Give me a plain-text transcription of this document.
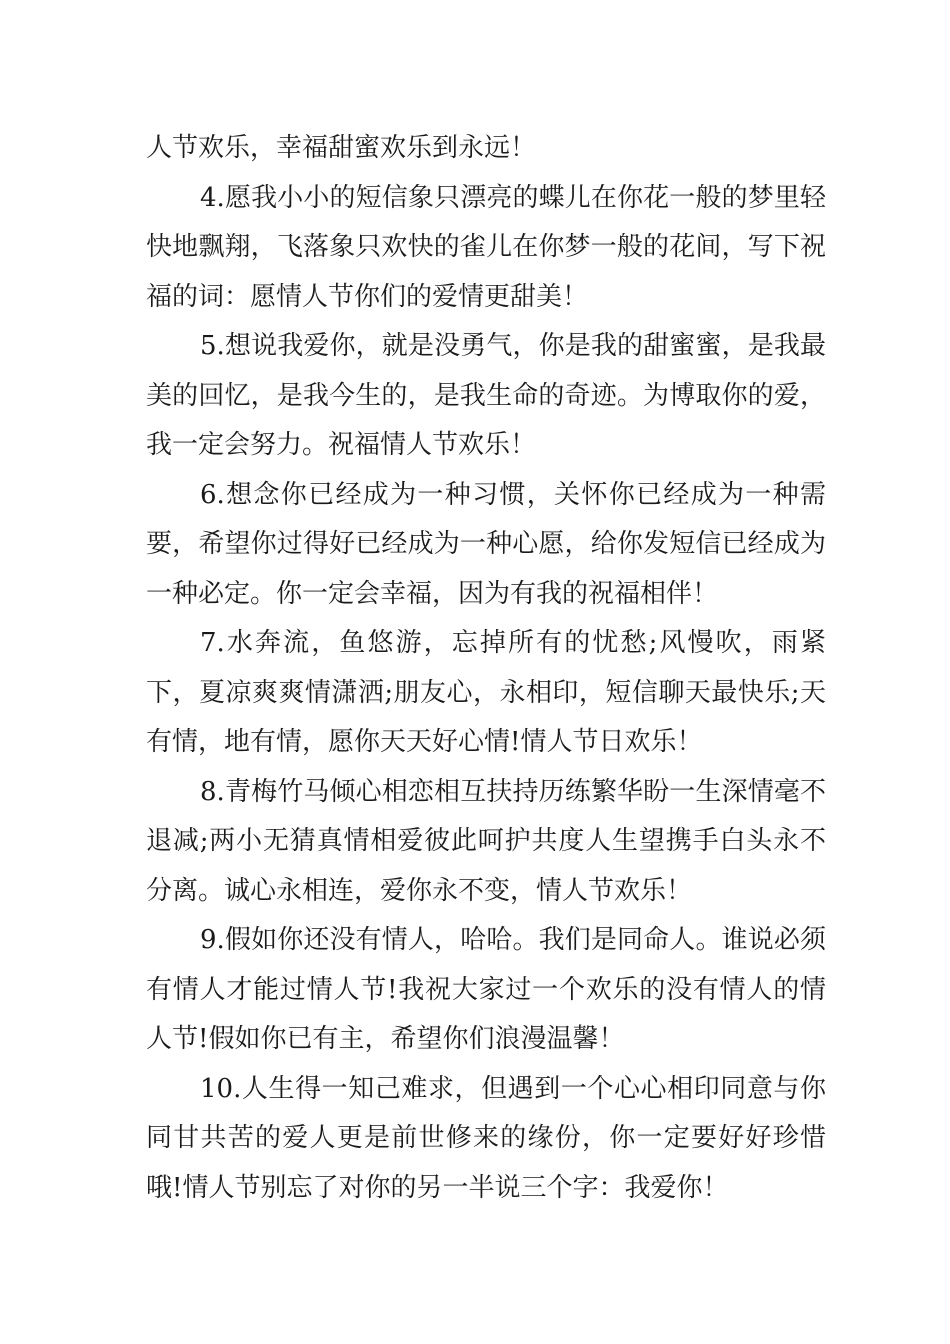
人节欢乐，幸福甜蜜欢乐到永远！

4.愿我小小的短信象只漂亮的蝶儿在你花一般的梦里轻快地飘翔，飞落象只欢快的雀儿在你梦一般的花间，写下祝福的词：愿情人节你们的爱情更甜美！

5.想说我爱你，就是没勇气，你是我的甜蜜蜜，是我最美的回忆，是我今生的，是我生命的奇迹。为博取你的爱，我一定会努力。祝福情人节欢乐！

6.想念你已经成为一种习惯，关怀你已经成为一种需要，希望你过得好已经成为一种心愿，给你发短信已经成为一种必定。你一定会幸福，因为有我的祝福相伴！

7.水奔流，鱼悠游，忘掉所有的忧愁;风慢吹，雨紧下，夏凉爽爽情潇洒;朋友心，永相印，短信聊天最快乐;天有情，地有情，愿你天天好心情!情人节日欢乐！

8.青梅竹马倾心相恋相互扶持历练繁华盼一生深情毫不退减;两小无猜真情相爱彼此呵护共度人生望携手白头永不分离。诚心永相连，爱你永不变，情人节欢乐！

9.假如你还没有情人，哈哈。我们是同命人。谁说必须有情人才能过情人节!我祝大家过一个欢乐的没有情人的情人节!假如你已有主，希望你们浪漫温馨！

10.人生得一知己难求，但遇到一个心心相印同意与你同甘共苦的爱人更是前世修来的缘份，你一定要好好珍惜哦!情人节别忘了对你的另一半说三个字：我爱你！
